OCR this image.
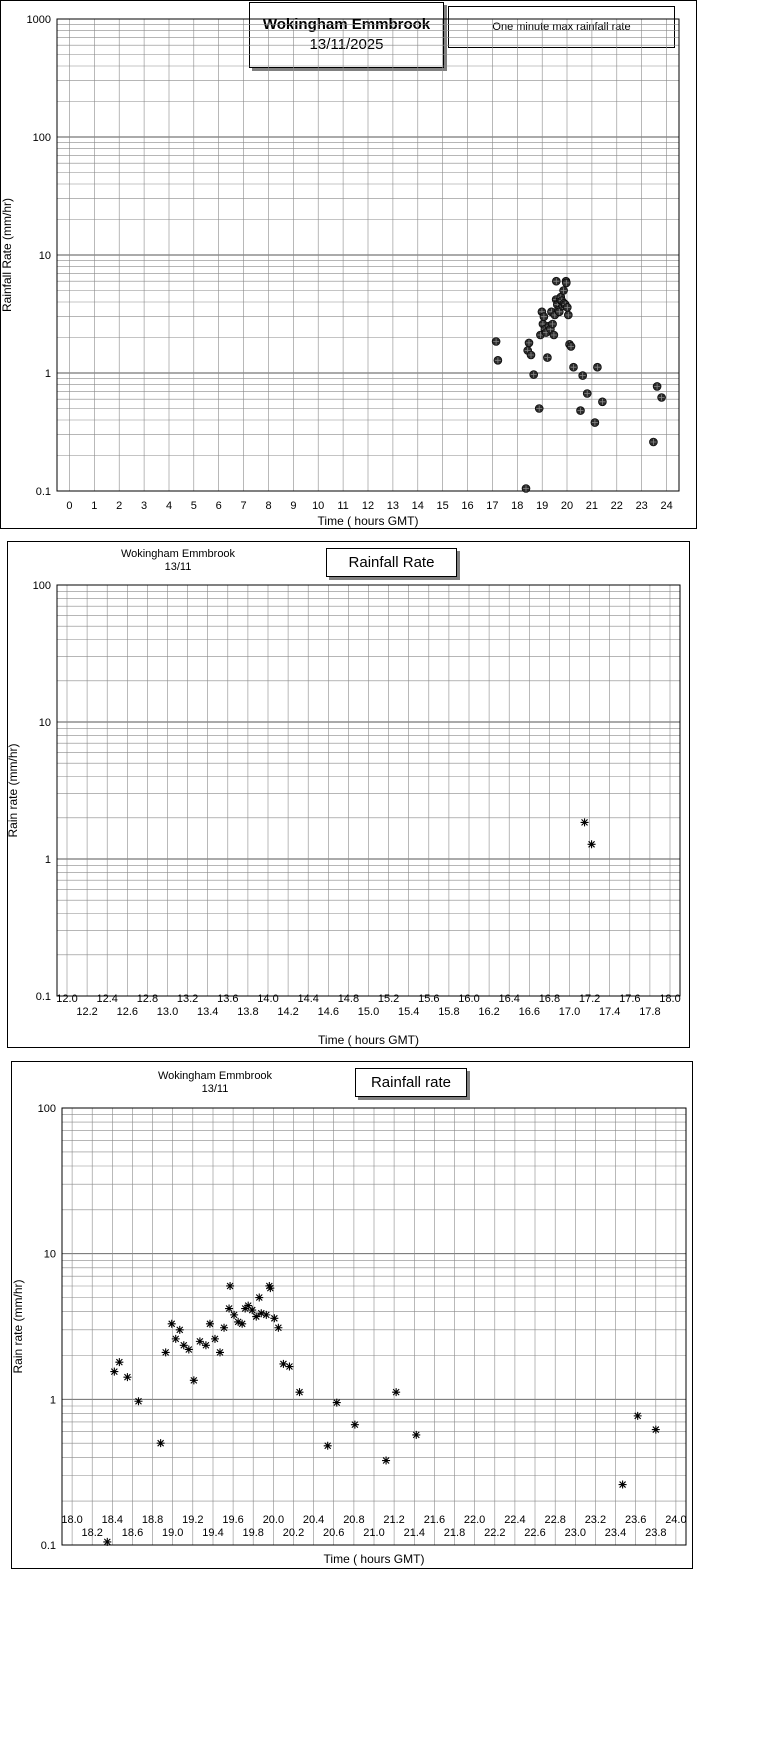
Wokingham Emmbrook
13/11/2025
One minute max rainfall rate
0.1
1
10
100
1000
0 1 2 3 4 5 6 7 8 9 10 11 12 13 14 15 16 17 18 19 20 21 22 23 24
Time ( hours GMT)
Rainfall Rate (mm/hr)
Wokingham Emmbrook
13/11	Rainfall Rate
0.1
1
10
100
12.0
12.2
12.4
12.6
12.8
13.0
13.2
13.4
13.6
13.8
14.0
14.2
14.4
14.6
14.8
15.0
15.2
15.4
15.6
15.8
16.0
16.2
16.4
16.6
16.8
17.0
17.2
17.4
17.6
17.8
18.0
Time ( hours GMT)
Rain rate (mm/hr)
Wokingham Emmbrook
13/11	Rainfall rate
0.1
1
10
100
18.0
18.2
18.4
18.6
18.8
19.0
19.2
19.4
19.6
19.8
20.0
20.2
20.4
20.6
20.8
21.0
21.2
21.4
21.6
21.8
22.0
22.2
22.4
22.6
22.8
23.0
23.2
23.4
23.6
23.8
24.0
Time ( hours GMT)
Rain rate (mm/hr)
